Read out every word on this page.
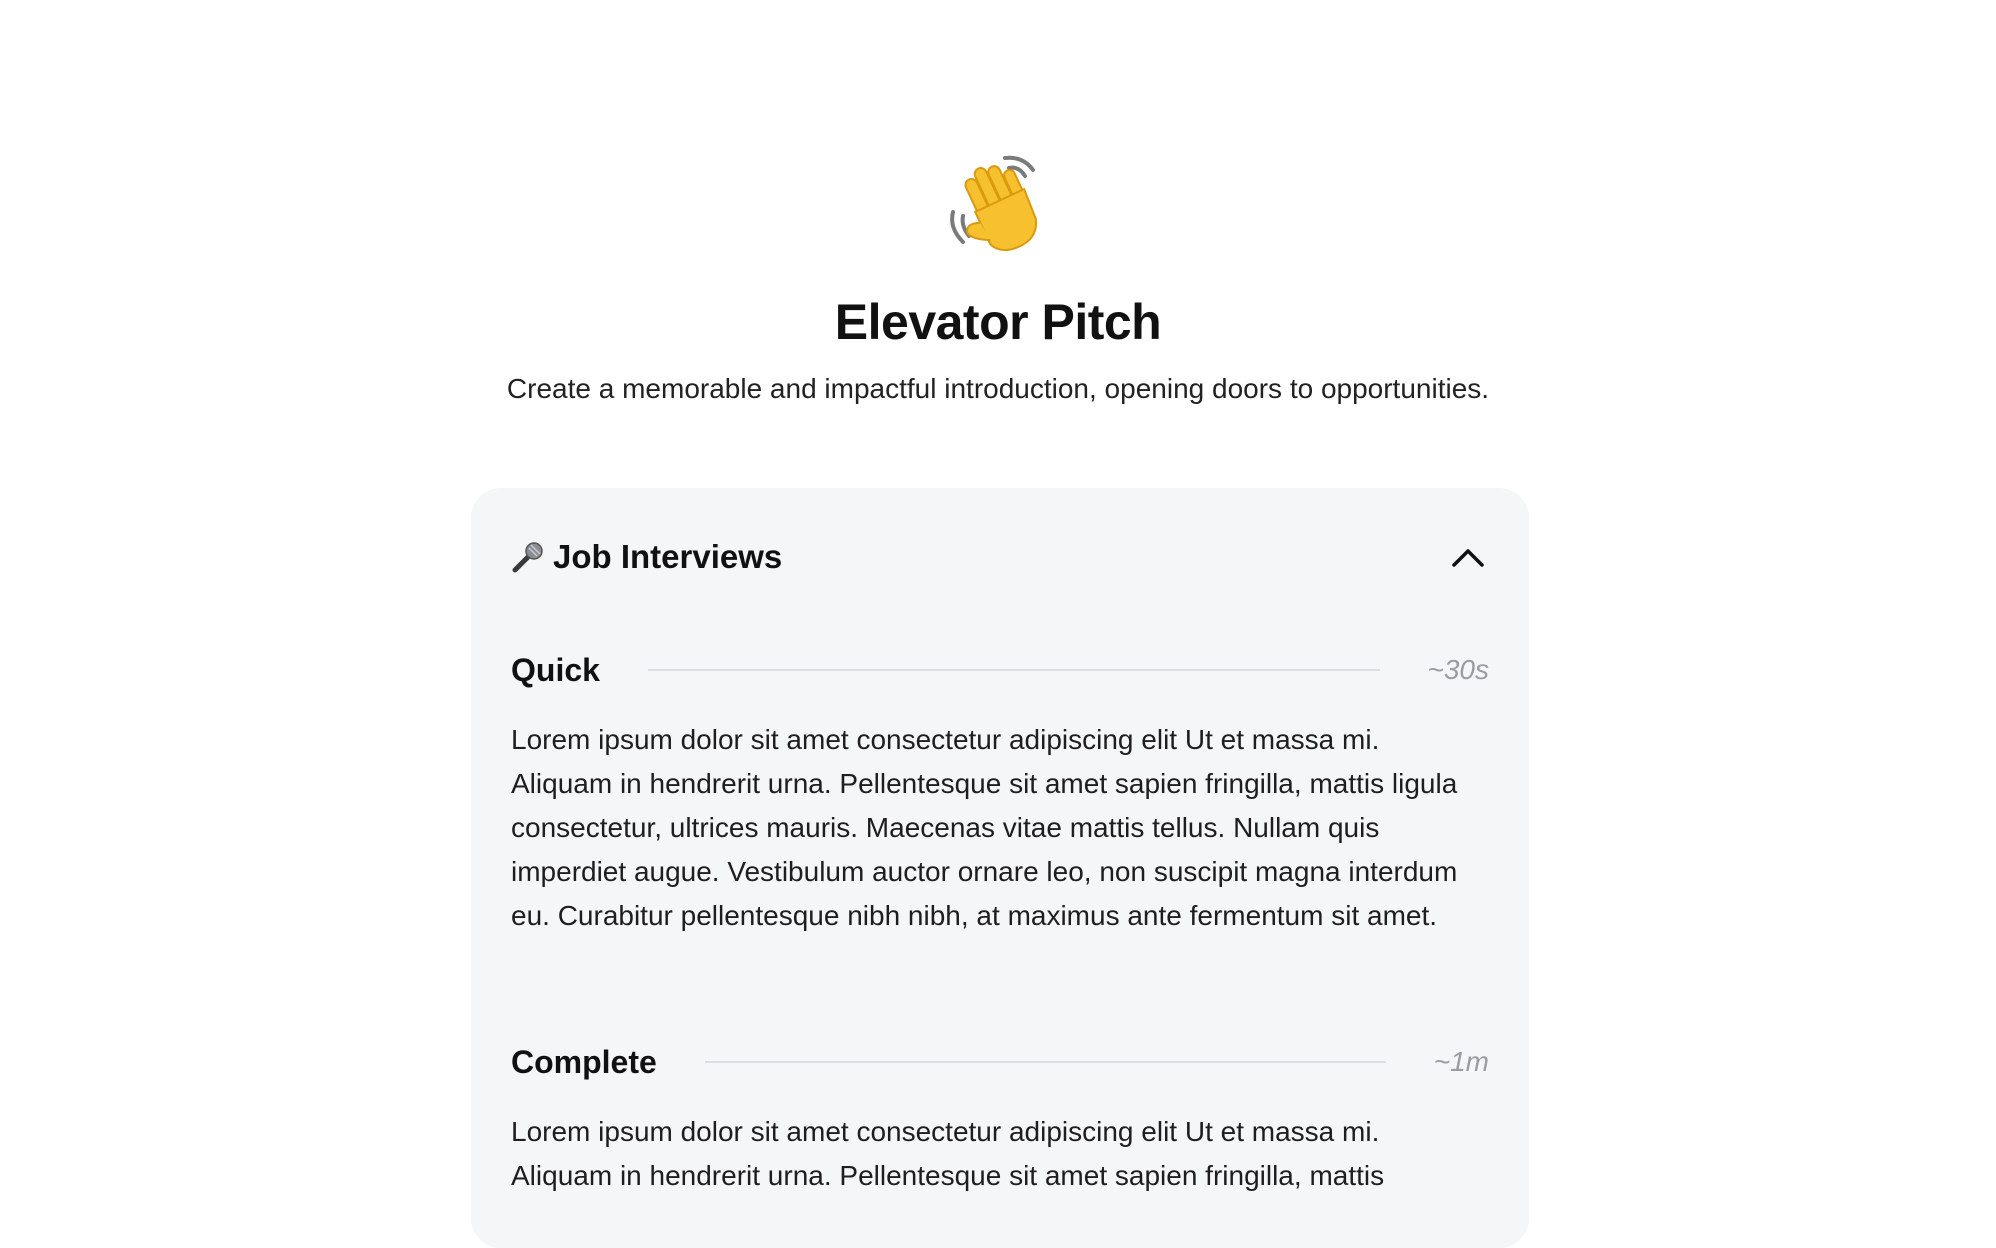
Elevator Pitch

Create a memorable and impactful introduction, opening doors to opportunities.

Job Interviews
Quick	~30s
Lorem ipsum dolor sit amet consectetur adipiscing elit Ut et massa mi. Aliquam in hendrerit urna. Pellentesque sit amet sapien fringilla, mattis ligula consectetur, ultrices mauris. Maecenas vitae mattis tellus. Nullam quis imperdiet augue. Vestibulum auctor ornare leo, non suscipit magna interdum eu. Curabitur pellentesque nibh nibh, at maximus ante fermentum sit amet.
Complete	~1m
Lorem ipsum dolor sit amet consectetur adipiscing elit Ut et massa mi. Aliquam in hendrerit urna. Pellentesque sit amet sapien fringilla, mattis
